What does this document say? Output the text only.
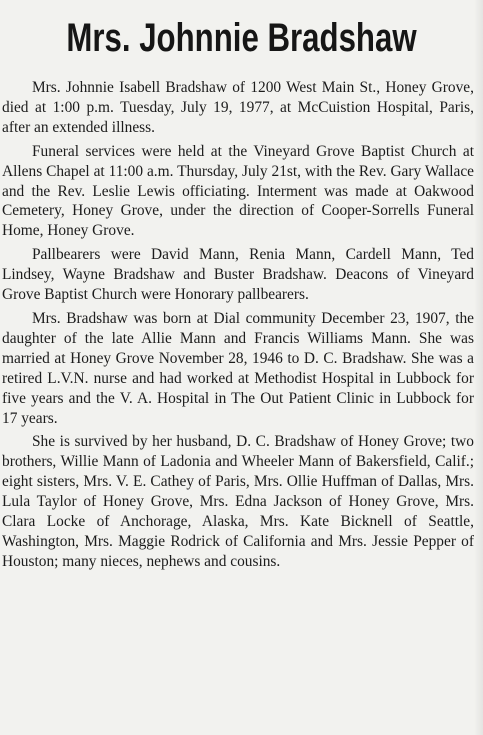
Mrs. Johnnie Bradshaw

Mrs. Johnnie Isabell Bradshaw of 1200 West Main St., Honey Grove, died at 1:00 p.m. Tuesday, July 19, 1977, at McCuistion Hospital, Paris, after an extended illness.

Funeral services were held at the Vineyard Grove Baptist Church at Allens Chapel at 11:00 a.m. Thursday, July 21st, with the Rev. Gary Wallace and the Rev. Leslie Lewis officiating. Interment was made at Oakwood Cemetery, Honey Grove, under the direction of Cooper-Sorrells Funeral Home, Honey Grove.

Pallbearers were David Mann, Renia Mann, Cardell Mann, Ted Lindsey, Wayne Bradshaw and Buster Bradshaw. Deacons of Vineyard Grove Baptist Church were Honorary pallbearers.

Mrs. Bradshaw was born at Dial community December 23, 1907, the daughter of the late Allie Mann and Francis Williams Mann. She was married at Honey Grove November 28, 1946 to D. C. Bradshaw. She was a retired L.V.N. nurse and had worked at Methodist Hospital in Lubbock for five years and the V. A. Hospital in The Out Patient Clinic in Lubbock for 17 years.

She is survived by her husband, D. C. Bradshaw of Honey Grove; two brothers, Willie Mann of Ladonia and Wheeler Mann of Bakersfield, Calif.; eight sisters, Mrs. V. E. Cathey of Paris, Mrs. Ollie Huffman of Dallas, Mrs. Lula Taylor of Honey Grove, Mrs. Edna Jackson of Honey Grove, Mrs. Clara Locke of Anchorage, Alaska, Mrs. Kate Bicknell of Seattle, Washington, Mrs. Maggie Rodrick of California and Mrs. Jessie Pepper of Houston; many nieces, nephews and cousins.
